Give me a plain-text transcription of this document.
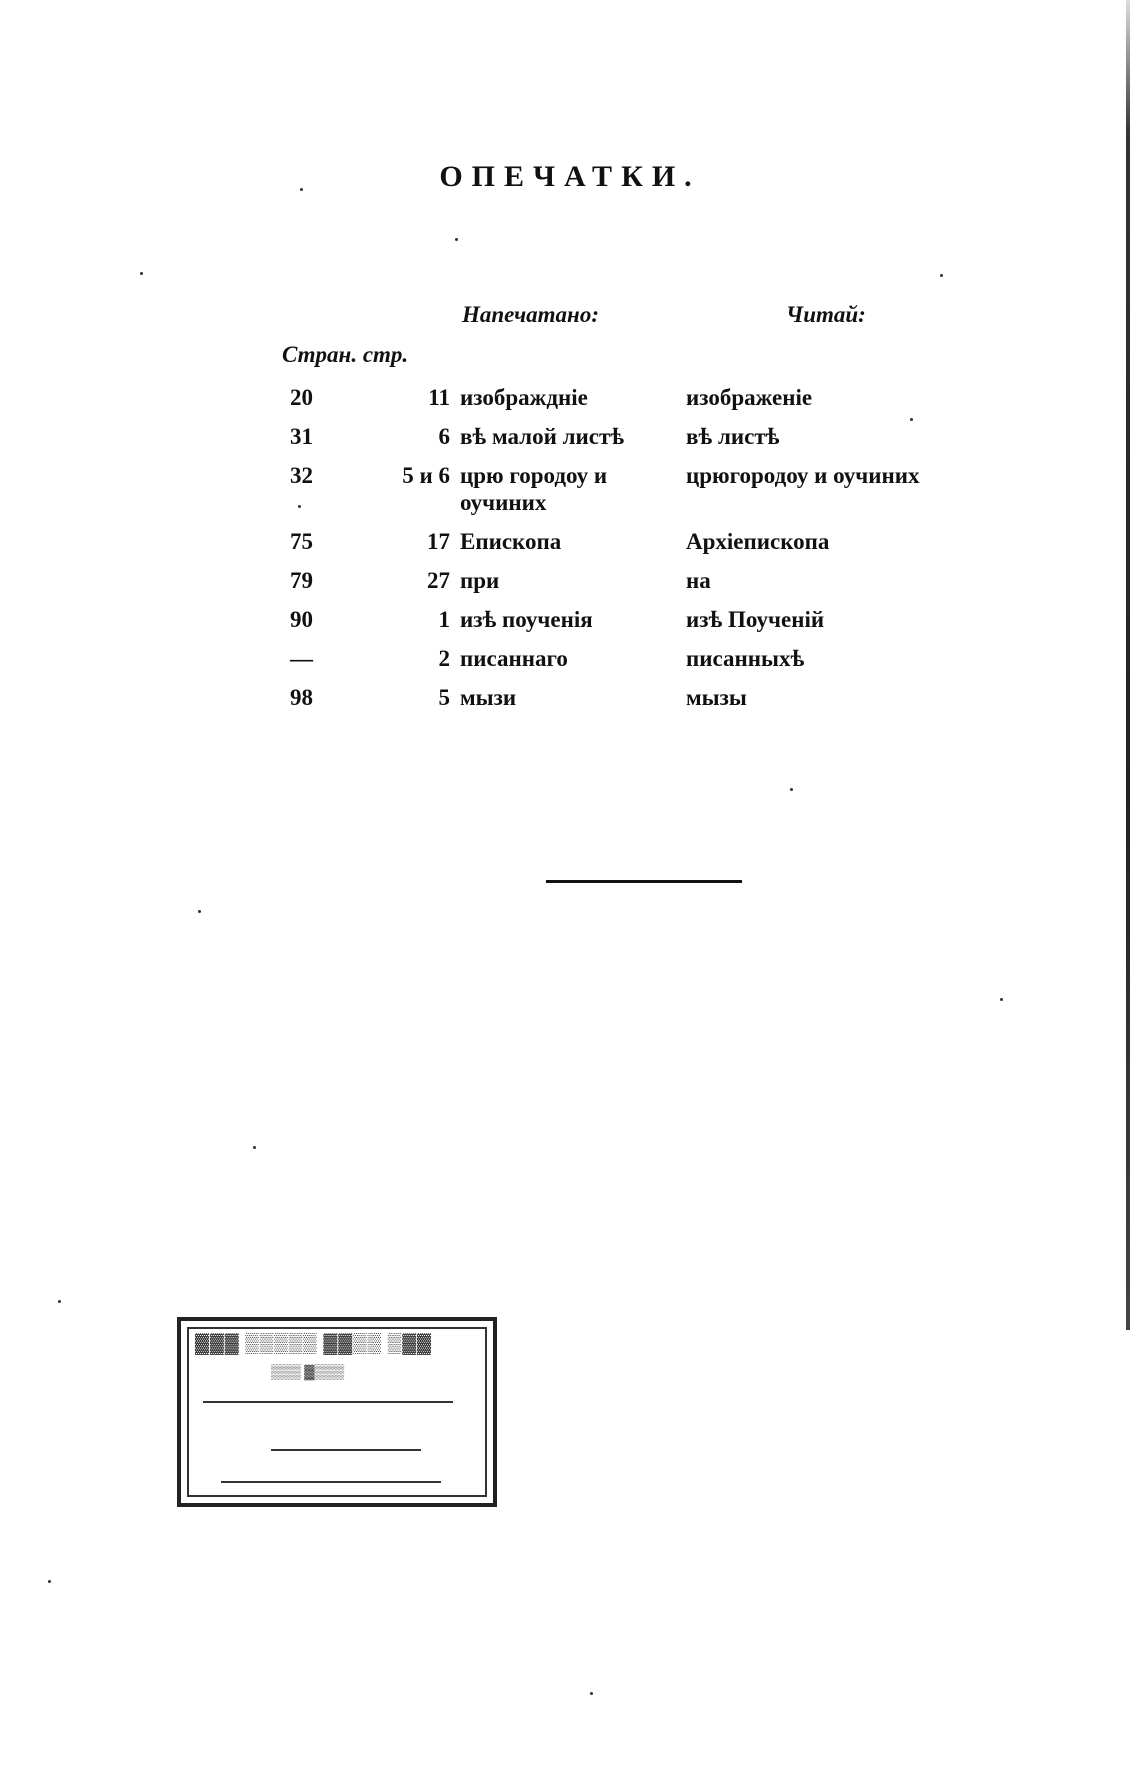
ОПЕЧАТКИ.
Напечатано:	Читай:
Стран. стр.
20	11	изображдніе	изображеніе
31	6	вѣ малой листѣ	вѣ листѣ
32	5 и 6	црю городоу и оучиних	црюгородоу и оучиних
75	17	Епископа	Архіепископа
79	27	при	на
90	1	изѣ поученія	изѣ Поученій
—	2	писаннаго	писанныхѣ
98	5	мызи	мызы
▓▓▓ ▒▒▒▒▒ ▓▓▒▒ ▒▓▓
▒▒▒ ▓▒▒▒
